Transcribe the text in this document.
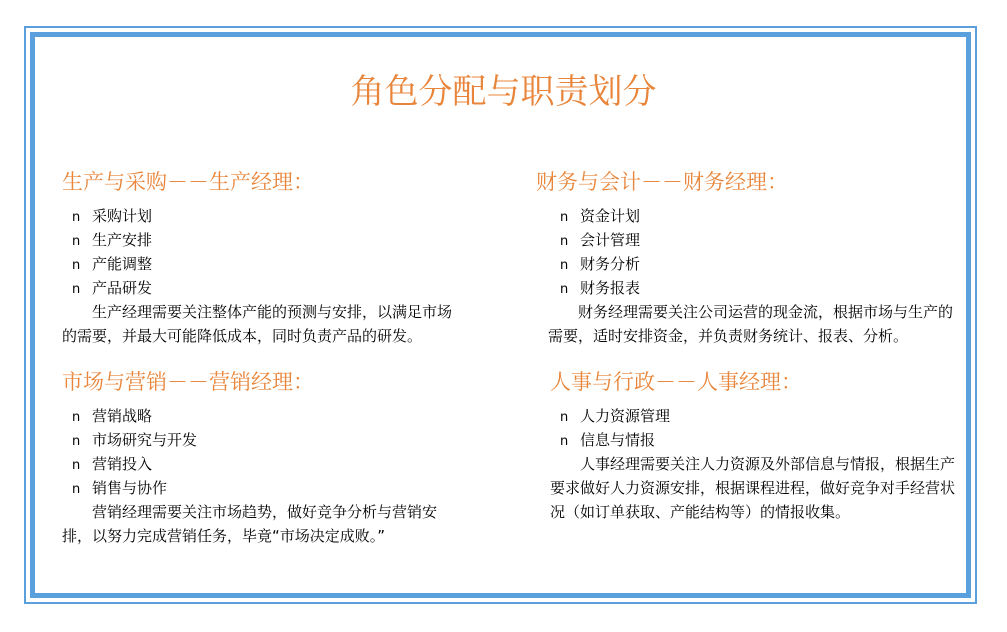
角色分配与职责划分
生产与采购－－生产经理：
n 采购计划
n 生产安排
n 产能调整
n 产品研发

生产经理需要关注整体产能的预测与安排，以满足市场的需要，并最大可能降低成本，同时负责产品的研发。

财务与会计－－财务经理：
n 资金计划
n 会计管理
n 财务分析
n 财务报表

财务经理需要关注公司运营的现金流，根据市场与生产的需要，适时安排资金，并负责财务统计、报表、分析。

市场与营销－－营销经理：
n 营销战略
n 市场研究与开发
n 营销投入
n 销售与协作

营销经理需要关注市场趋势，做好竞争分析与营销安排，以努力完成营销任务，毕竟“市场决定成败。”

人事与行政－－人事经理：
n 人力资源管理
n 信息与情报

人事经理需要关注人力资源及外部信息与情报，根据生产要求做好人力资源安排，根据课程进程，做好竞争对手经营状况（如订单获取、产能结构等）的情报收集。
